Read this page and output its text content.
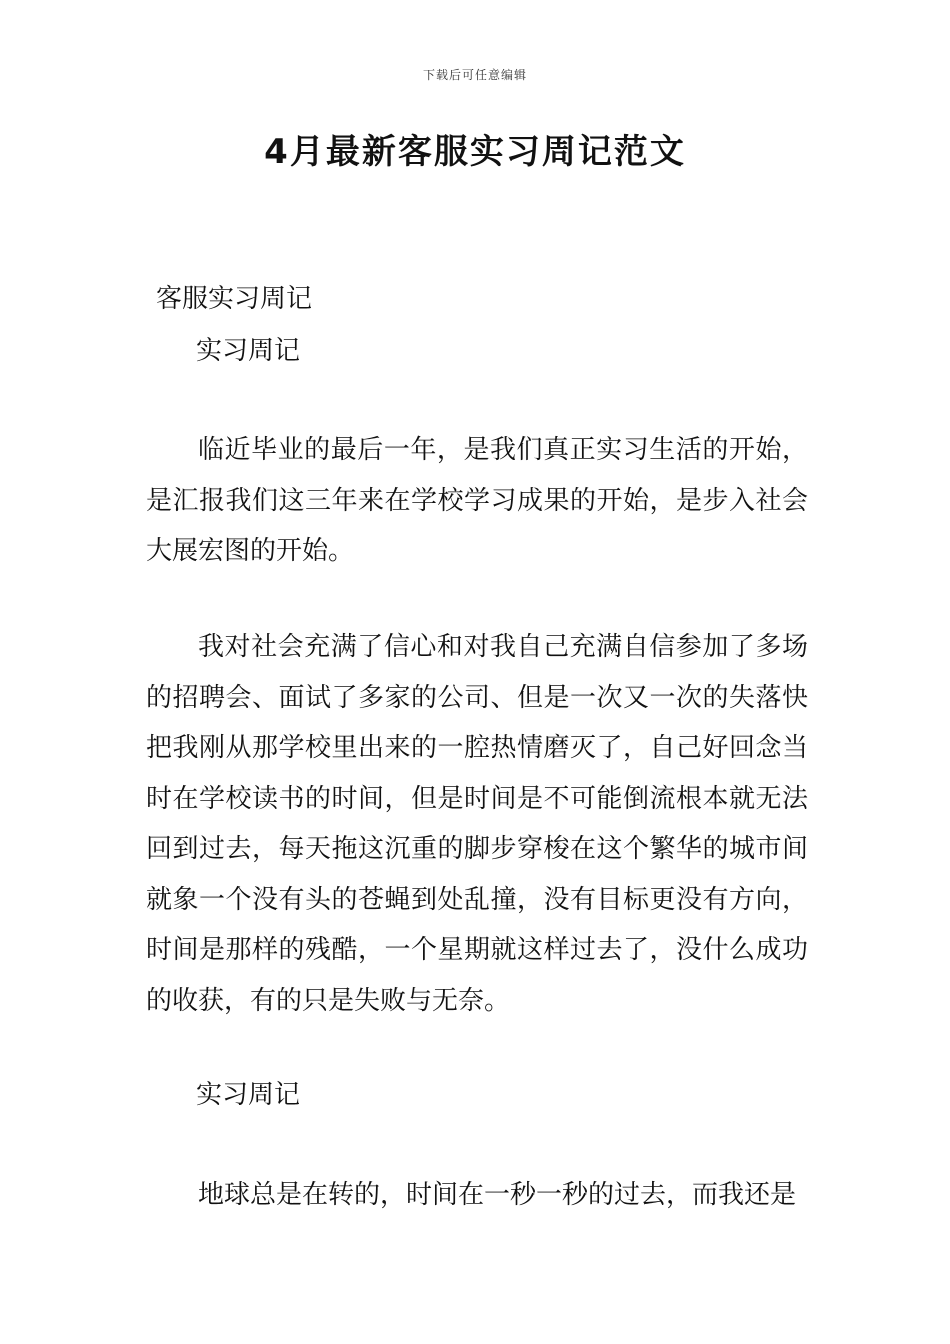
下载后可任意编辑
4月最新客服实习周记范文
客服实习周记
实习周记
临近毕业的最后一年，是我们真正实习生活的开始，是汇报我们这三年来在学校学习成果的开始，是步入社会大展宏图的开始。
我对社会充满了信心和对我自己充满自信参加了多场的招聘会、面试了多家的公司、但是一次又一次的失落快把我刚从那学校里出来的一腔热情磨灭了，自己好回念当时在学校读书的时间，但是时间是不可能倒流根本就无法回到过去，每天拖这沉重的脚步穿梭在这个繁华的城市间就象一个没有头的苍蝇到处乱撞，没有目标更没有方向，时间是那样的残酷，一个星期就这样过去了，没什么成功的收获，有的只是失败与无奈。
实习周记
地球总是在转的，时间在一秒一秒的过去，而我还是
